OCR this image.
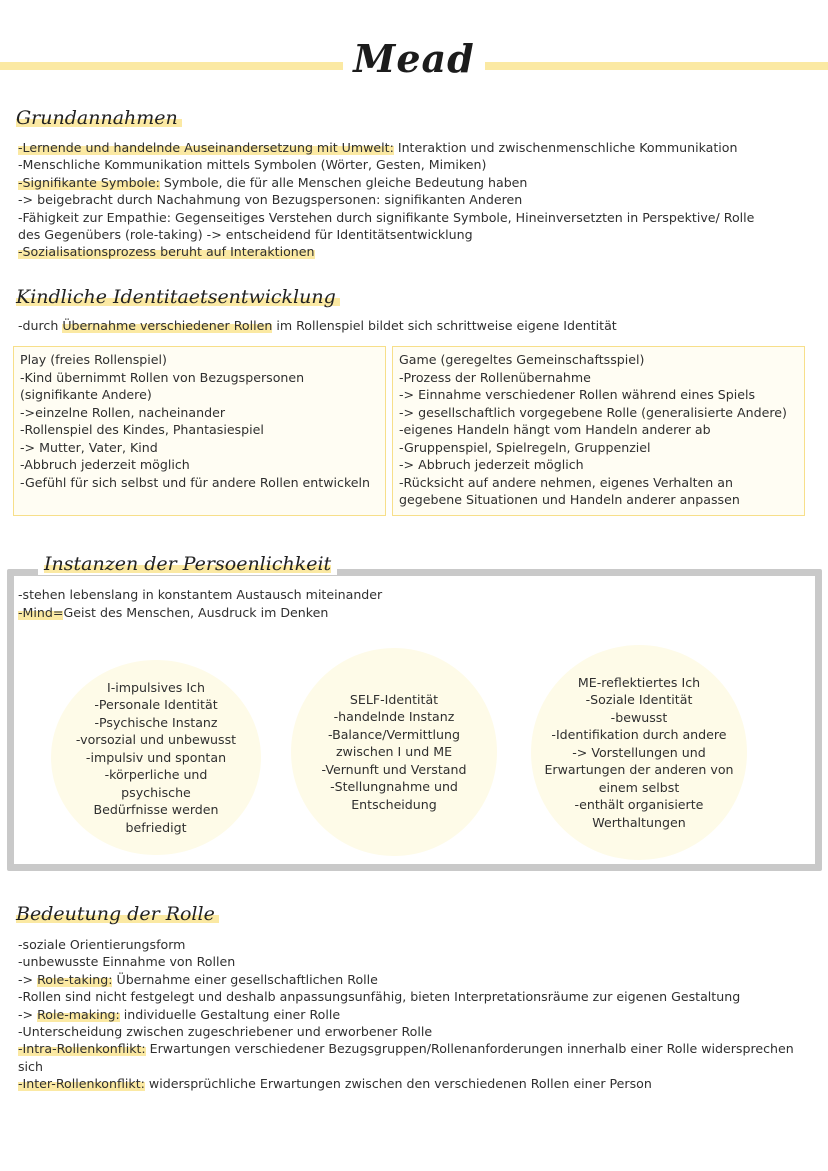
Mead
Grundannahmen
-Lernende und handelnde Auseinandersetzung mit Umwelt: Interaktion und zwischenmenschliche Kommunikation
-Menschliche Kommunikation mittels Symbolen (Wörter, Gesten, Mimiken)
-Signifikante Symbole: Symbole, die für alle Menschen gleiche Bedeutung haben
-> beigebracht durch Nachahmung von Bezugspersonen: signifikanten Anderen
-Fähigkeit zur Empathie: Gegenseitiges Verstehen durch signifikante Symbole, Hineinversetzten in Perspektive/ Rolle
des Gegenübers (role-taking) -> entscheidend für Identitätsentwicklung
-Sozialisationsprozess beruht auf Interaktionen
Kindliche Identitaetsentwicklung
-durch Übernahme verschiedener Rollen im Rollenspiel bildet sich schrittweise eigene Identität
Play (freies Rollenspiel)
-Kind übernimmt Rollen von Bezugspersonen
(signifikante Andere)
->einzelne Rollen, nacheinander
-Rollenspiel des Kindes, Phantasiespiel
-> Mutter, Vater, Kind
-Abbruch jederzeit möglich
-Gefühl für sich selbst und für andere Rollen entwickeln
Game (geregeltes Gemeinschaftsspiel)
-Prozess der Rollenübernahme
-> Einnahme verschiedener Rollen während eines Spiels
-> gesellschaftlich vorgegebene Rolle (generalisierte Andere)
-eigenes Handeln hängt vom Handeln anderer ab
-Gruppenspiel, Spielregeln, Gruppenziel
-> Abbruch jederzeit möglich
-Rücksicht auf andere nehmen, eigenes Verhalten an
gegebene Situationen und Handeln anderer anpassen
Instanzen der Persoenlichkeit
-stehen lebenslang in konstantem Austausch miteinander
-Mind=Geist des Menschen, Ausdruck im Denken
I-impulsives Ich
-Personale Identität
-Psychische Instanz
-vorsozial und unbewusst
-impulsiv und spontan
-körperliche und
psychische
Bedürfnisse werden
befriedigt
SELF-Identität
-handelnde Instanz
-Balance/Vermittlung
zwischen I und ME
-Vernunft und Verstand
-Stellungnahme und
Entscheidung
ME-reflektiertes Ich
-Soziale Identität
-bewusst
-Identifikation durch andere
-> Vorstellungen und
Erwartungen der anderen von
einem selbst
-enthält organisierte
Werthaltungen
Bedeutung der Rolle
-soziale Orientierungsform
-unbewusste Einnahme von Rollen
-> Role-taking: Übernahme einer gesellschaftlichen Rolle
-Rollen sind nicht festgelegt und deshalb anpassungsunfähig, bieten Interpretationsräume zur eigenen Gestaltung
-> Role-making: individuelle Gestaltung einer Rolle
-Unterscheidung zwischen zugeschriebener und erworbener Rolle
-Intra-Rollenkonflikt: Erwartungen verschiedener Bezugsgruppen/Rollenanforderungen innerhalb einer Rolle widersprechen
sich
-Inter-Rollenkonflikt: widersprüchliche Erwartungen zwischen den verschiedenen Rollen einer Person
